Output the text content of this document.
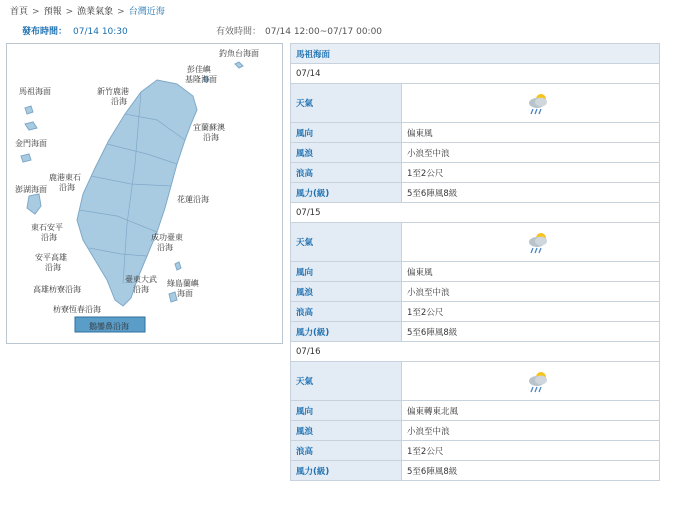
首頁 > 預報 > 漁業氣象 > 台灣近海
發布時間： 07/14 10:30	有效時間： 07/14 12:00~07/17 00:00
釣魚台海面
彭佳嶼
基隆海面
馬祖海面	新竹鹿港
沿海
宜蘭蘇澳
沿海
金門海面
鹿港東石
沿海
澎湖海面
花蓮沿海
東石安平
沿海	成功臺東
沿海
安平高雄
沿海
臺東大武
沿海
綠島蘭嶼
海面
高雄枋寮沿海
枋寮恆春沿海
鵝鑾鼻沿海
馬祖海面	
07/14	
天氣	

風向	偏東風
風浪	小浪至中浪
浪高	1至2公尺
風力(級)	5至6陣風8級
07/15	
天氣	

風向	偏東風
風浪	小浪至中浪
浪高	1至2公尺
風力(級)	5至6陣風8級
07/16	
天氣	

風向	偏東轉東北風
風浪	小浪至中浪
浪高	1至2公尺
風力(級)	5至6陣風8級
